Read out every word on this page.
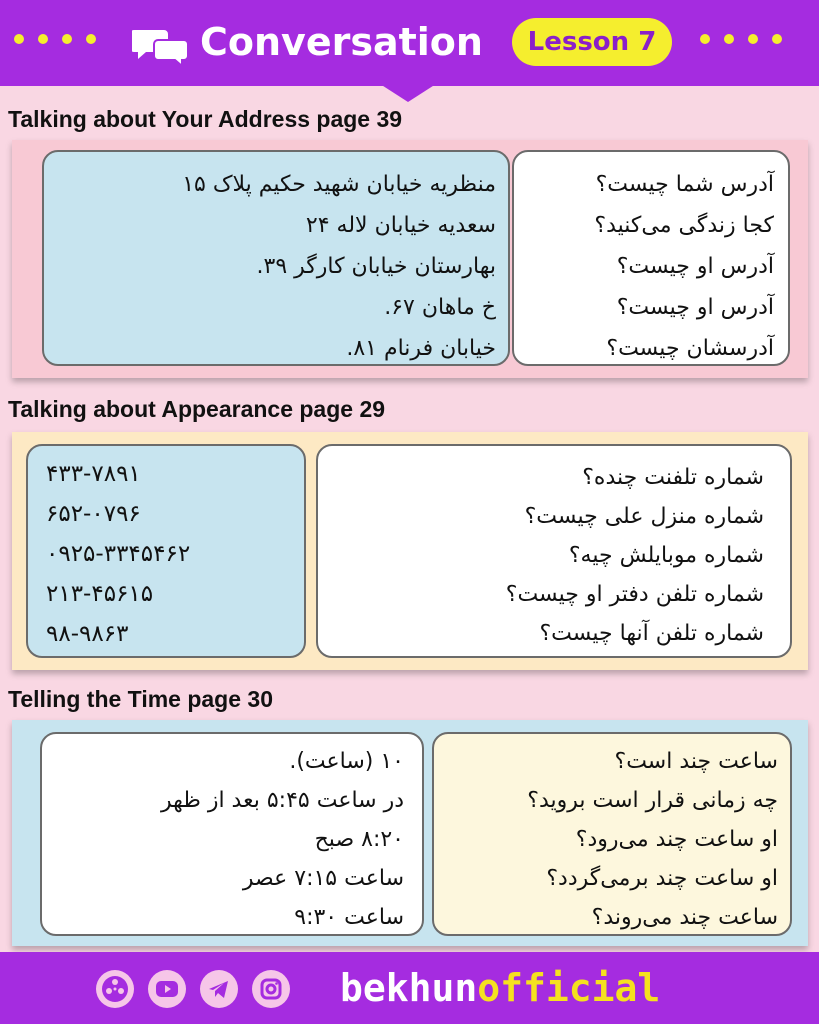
Conversation	Lesson 7
Talking about Your Address page 39
منظریه خیابان شهید حکیم پلاک ۱۵
سعدیه خیابان لاله ۲۴
بهارستان خیابان کارگر ۳۹.
خ ماهان ۶۷.
خیابان فرنام ۸۱.
آدرس شما چیست؟
کجا زندگی می‌کنید؟
آدرس او چیست؟
آدرس او چیست؟
آدرسشان چیست؟
Talking about Appearance page 29
۴۳۳-۷۸۹۱
۶۵۲-۰۷۹۶
۰۹۲۵-۳۳۴۵۴۶۲
۲۱۳-۴۵۶۱۵
۹۸-۹۸۶۳
شماره تلفنت چنده؟
شماره منزل علی چیست؟
شماره موبایلش چیه؟
شماره تلفن دفتر او چیست؟
شماره تلفن آنها چیست؟
Telling the Time page 30
۱۰ (ساعت).
در ساعت ۵:۴۵ بعد از ظهر
۸:۲۰ صبح
ساعت ۷:۱۵ عصر
ساعت ۹:۳۰
ساعت چند است؟
چه زمانی قرار است بروید؟
او ساعت چند می‌رود؟
او ساعت چند برمی‌گردد؟
ساعت چند می‌روند؟
bekhunofficial
